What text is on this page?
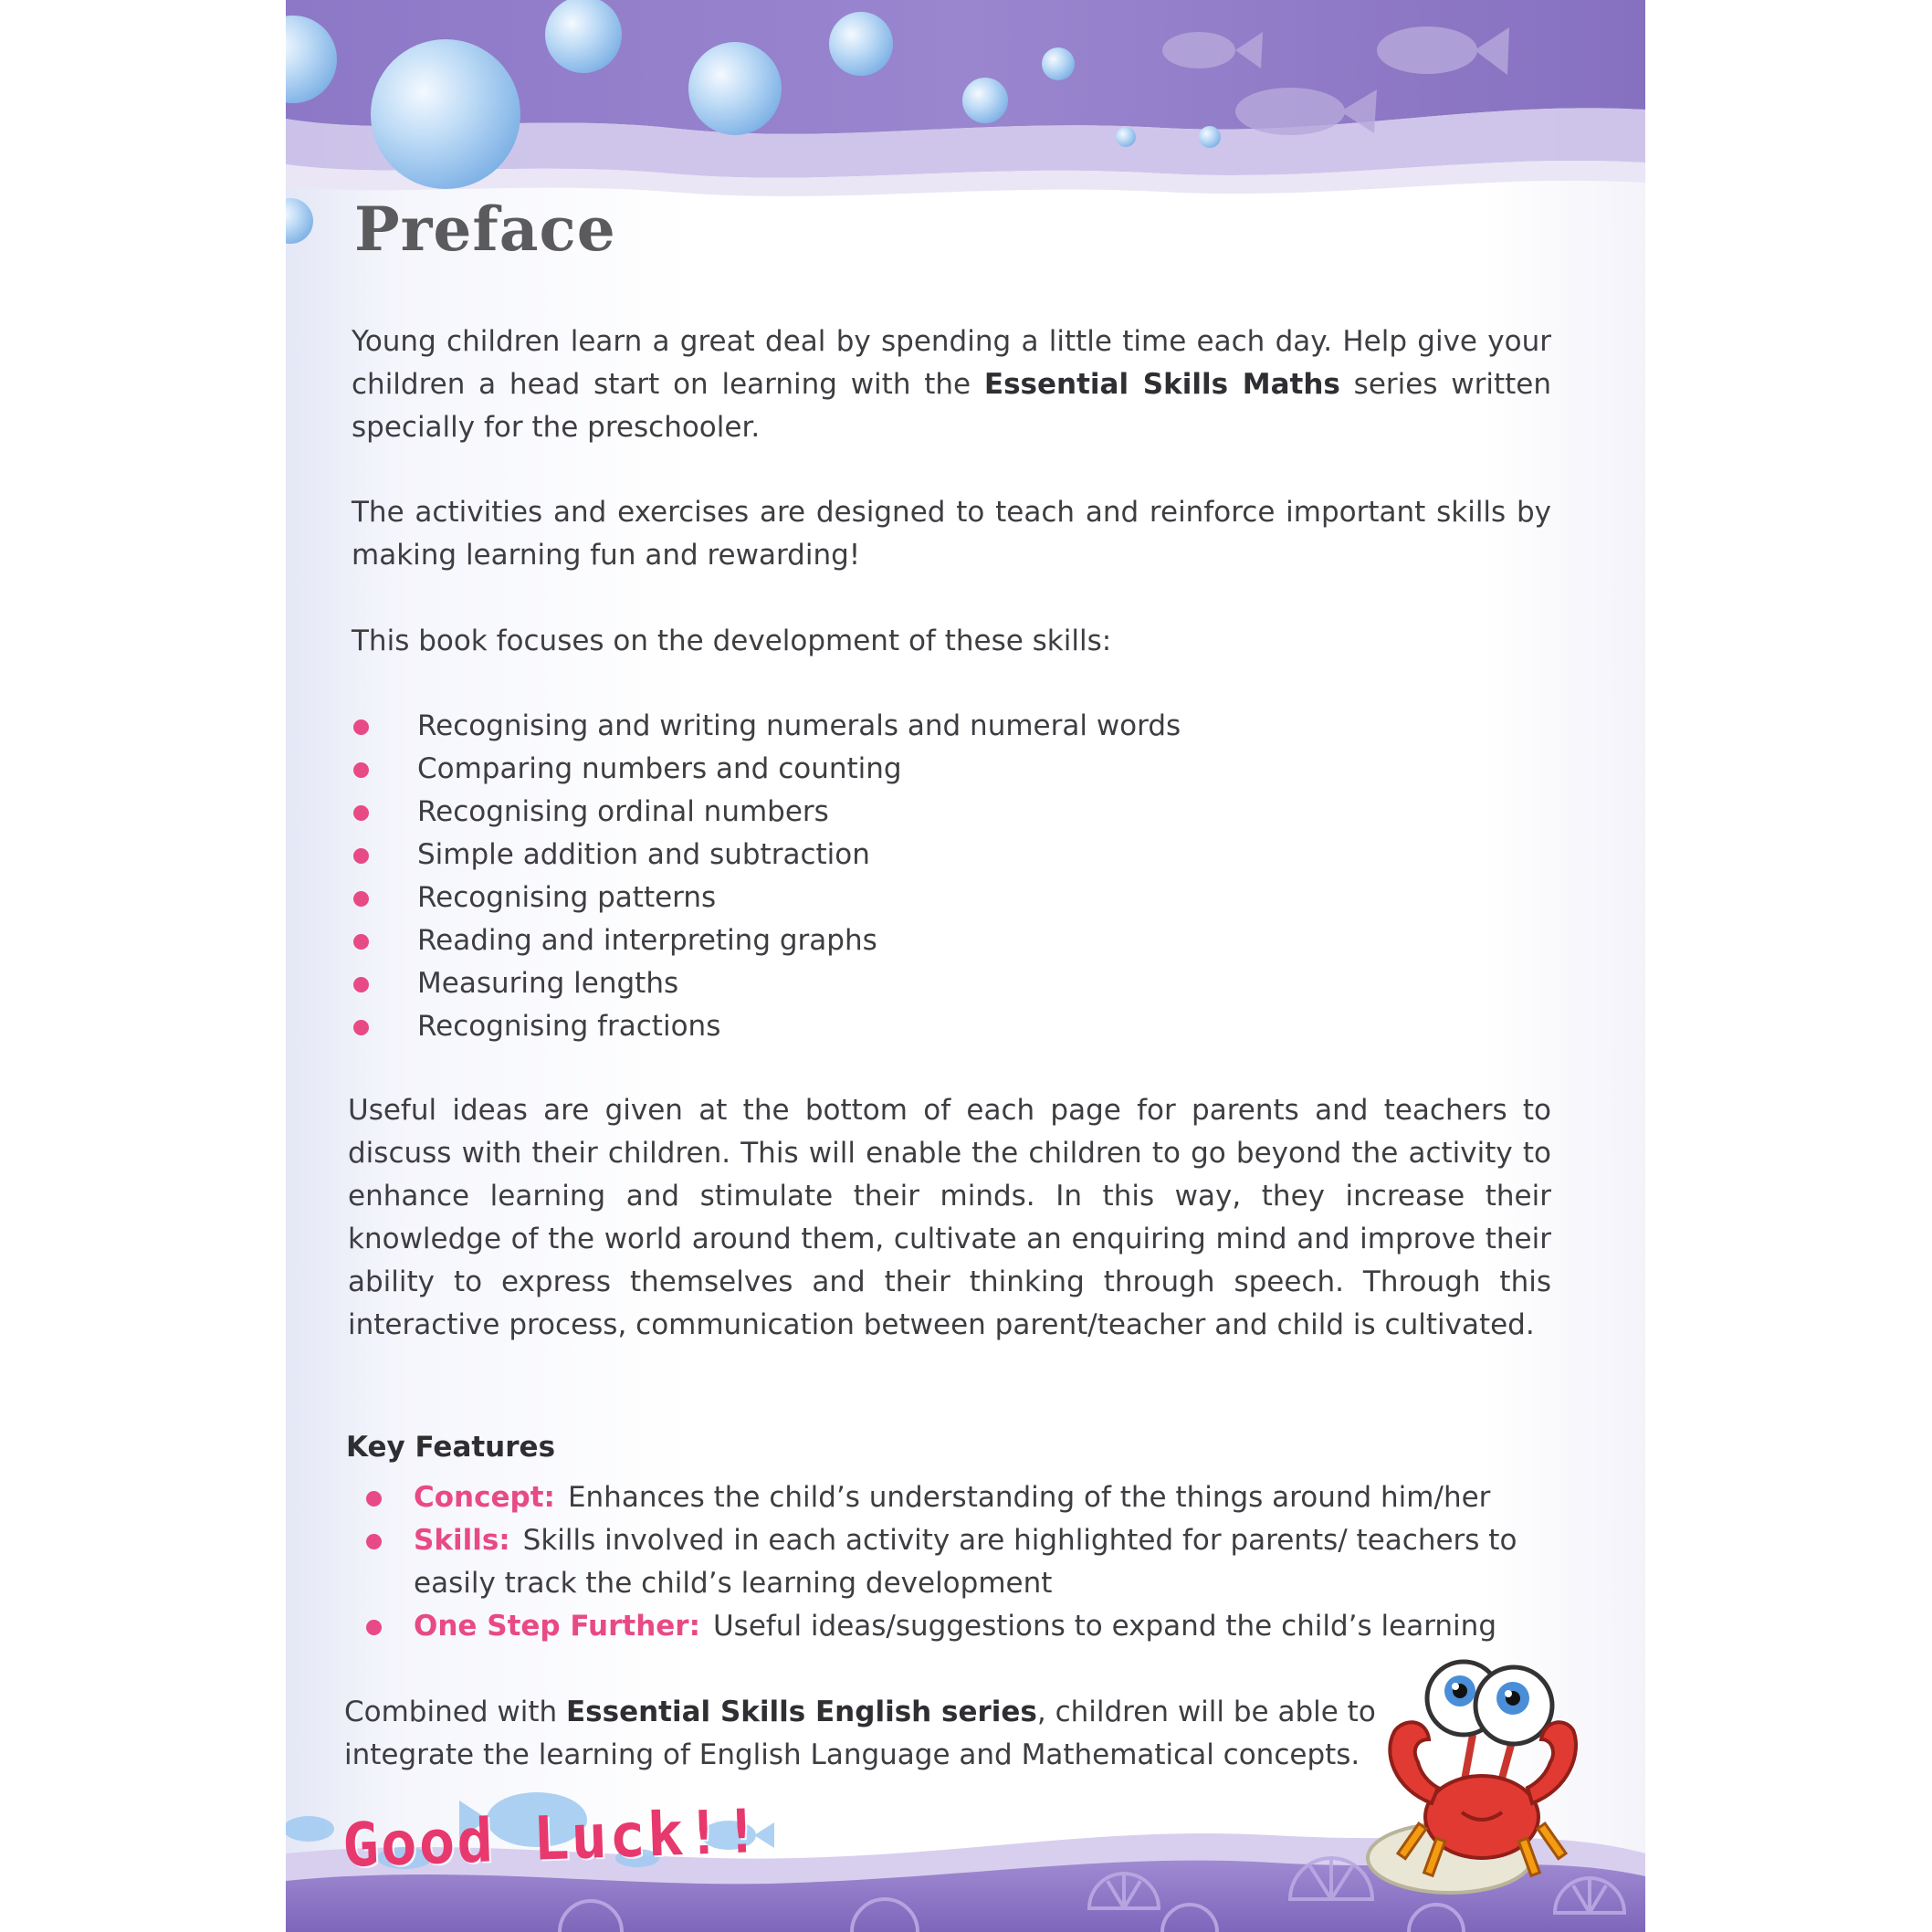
Preface

Young children learn a great deal by spending a little time each day. Help give your children a head start on learning with the Essential Skills Maths series written specially for the preschooler.

The activities and exercises are designed to teach and reinforce important skills by making learning fun and rewarding!

This book focuses on the development of these skills:

Recognising and writing numerals and numeral words
Comparing numbers and counting
Recognising ordinal numbers
Simple addition and subtraction
Recognising patterns
Reading and interpreting graphs
Measuring lengths
Recognising fractions

Useful ideas are given at the bottom of each page for parents and teachers to discuss with their children. This will enable the children to go beyond the activity to enhance learning and stimulate their minds. In this way, they increase their knowledge of the world around them, cultivate an enquiring mind and improve their ability to express themselves and their thinking through speech. Through this interactive process, communication between parent/teacher and child is cultivated.

Key Features
Concept: Enhances the child’s understanding of the things around him/her
Skills: Skills involved in each activity are highlighted for parents/ teachers to easily track the child’s learning development
One Step Further: Useful ideas/suggestions to expand the child’s learning

Combined with Essential Skills English series, children will be able to integrate the learning of English Language and Mathematical concepts.

Good Luck!!
